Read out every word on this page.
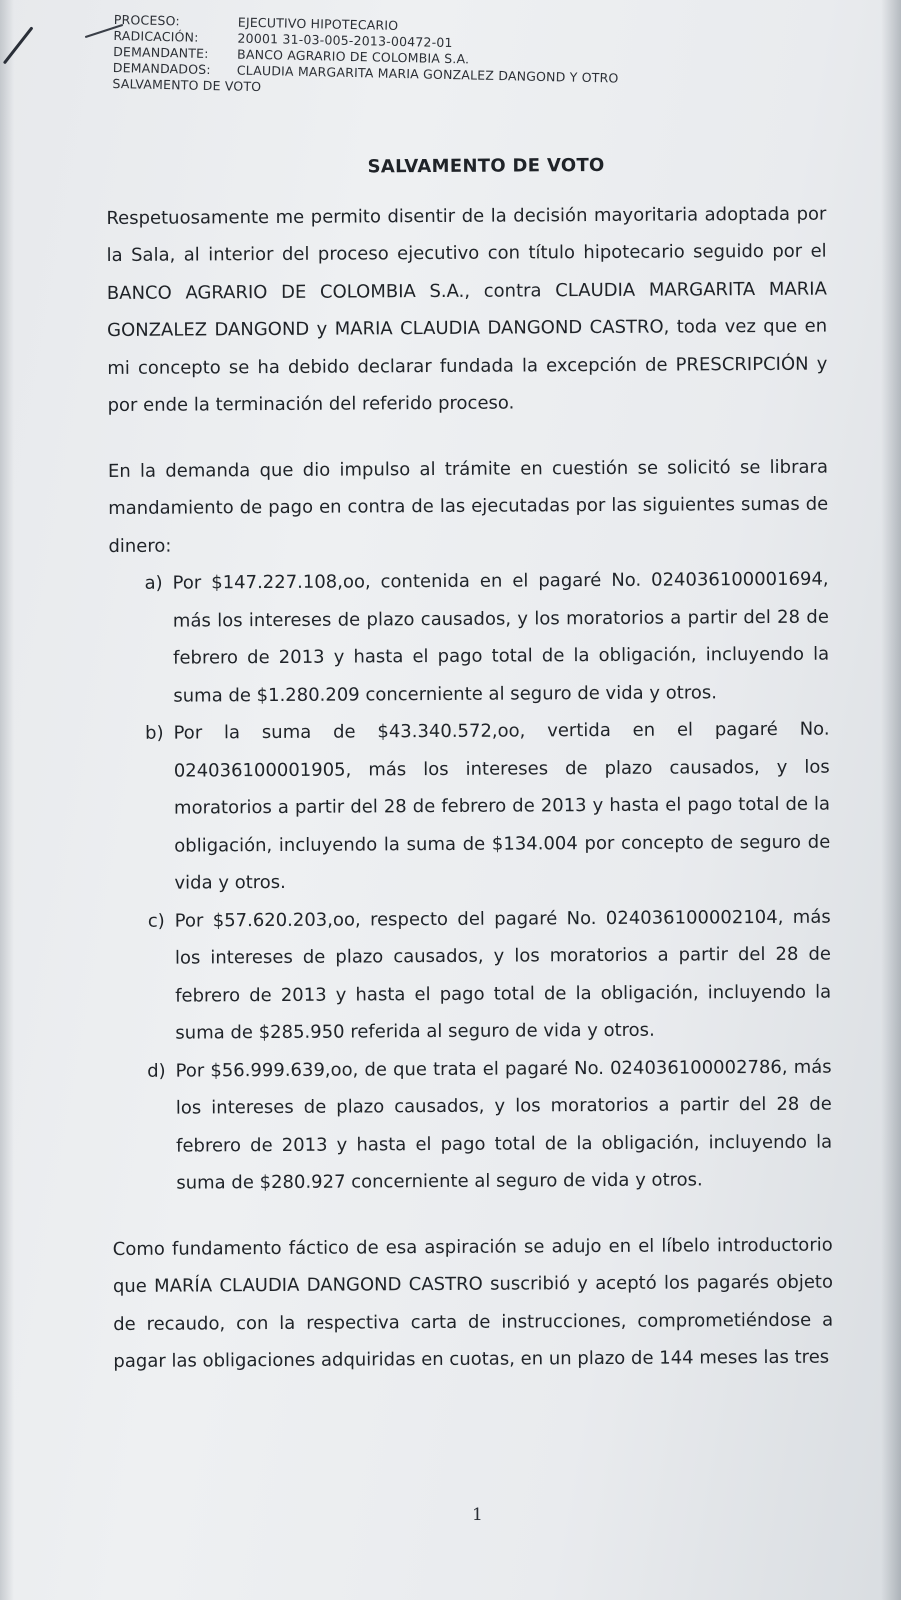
PROCESO:	EJECUTIVO HIPOTECARIO
RADICACIÓN:	20001 31-03-005-2013-00472-01
DEMANDANTE:	BANCO AGRARIO DE COLOMBIA S.A.
DEMANDADOS:	CLAUDIA MARGARITA MARIA GONZALEZ DANGOND Y OTRO
SALVAMENTO DE VOTO
SALVAMENTO DE VOTO

Respetuosamente me permito disentir de la decisión mayoritaria adoptada por la Sala, al interior del proceso ejecutivo con título hipotecario seguido por el BANCO AGRARIO DE COLOMBIA S.A., contra CLAUDIA MARGARITA MARIA GONZALEZ DANGOND y MARIA CLAUDIA DANGOND CASTRO, toda vez que en mi concepto se ha debido declarar fundada la excepción de PRESCRIPCIÓN y por ende la terminación del referido proceso.

En la demanda que dio impulso al trámite en cuestión se solicitó se librara mandamiento de pago en contra de las ejecutadas por las siguientes sumas de dinero:

a) Por $147.227.108,oo, contenida en el pagaré No. 024036100001694, más los intereses de plazo causados, y los moratorios a partir del 28 de febrero de 2013 y hasta el pago total de la obligación, incluyendo la suma de $1.280.209 concerniente al seguro de vida y otros.
b) Por la suma de $43.340.572,oo, vertida en el pagaré No. 024036100001905, más los intereses de plazo causados, y los moratorios a partir del 28 de febrero de 2013 y hasta el pago total de la obligación, incluyendo la suma de $134.004 por concepto de seguro de vida y otros.
c) Por $57.620.203,oo, respecto del pagaré No. 024036100002104, más los intereses de plazo causados, y los moratorios a partir del 28 de febrero de 2013 y hasta el pago total de la obligación, incluyendo la suma de $285.950 referida al seguro de vida y otros.
d) Por $56.999.639,oo, de que trata el pagaré No. 024036100002786, más los intereses de plazo causados, y los moratorios a partir del 28 de febrero de 2013 y hasta el pago total de la obligación, incluyendo la suma de $280.927 concerniente al seguro de vida y otros.

Como fundamento fáctico de esa aspiración se adujo en el líbelo introductorio que MARÍA CLAUDIA DANGOND CASTRO suscribió y aceptó los pagarés objeto de recaudo, con la respectiva carta de instrucciones, comprometiéndose a pagar las obligaciones adquiridas en cuotas, en un plazo de 144 meses las tres

1
